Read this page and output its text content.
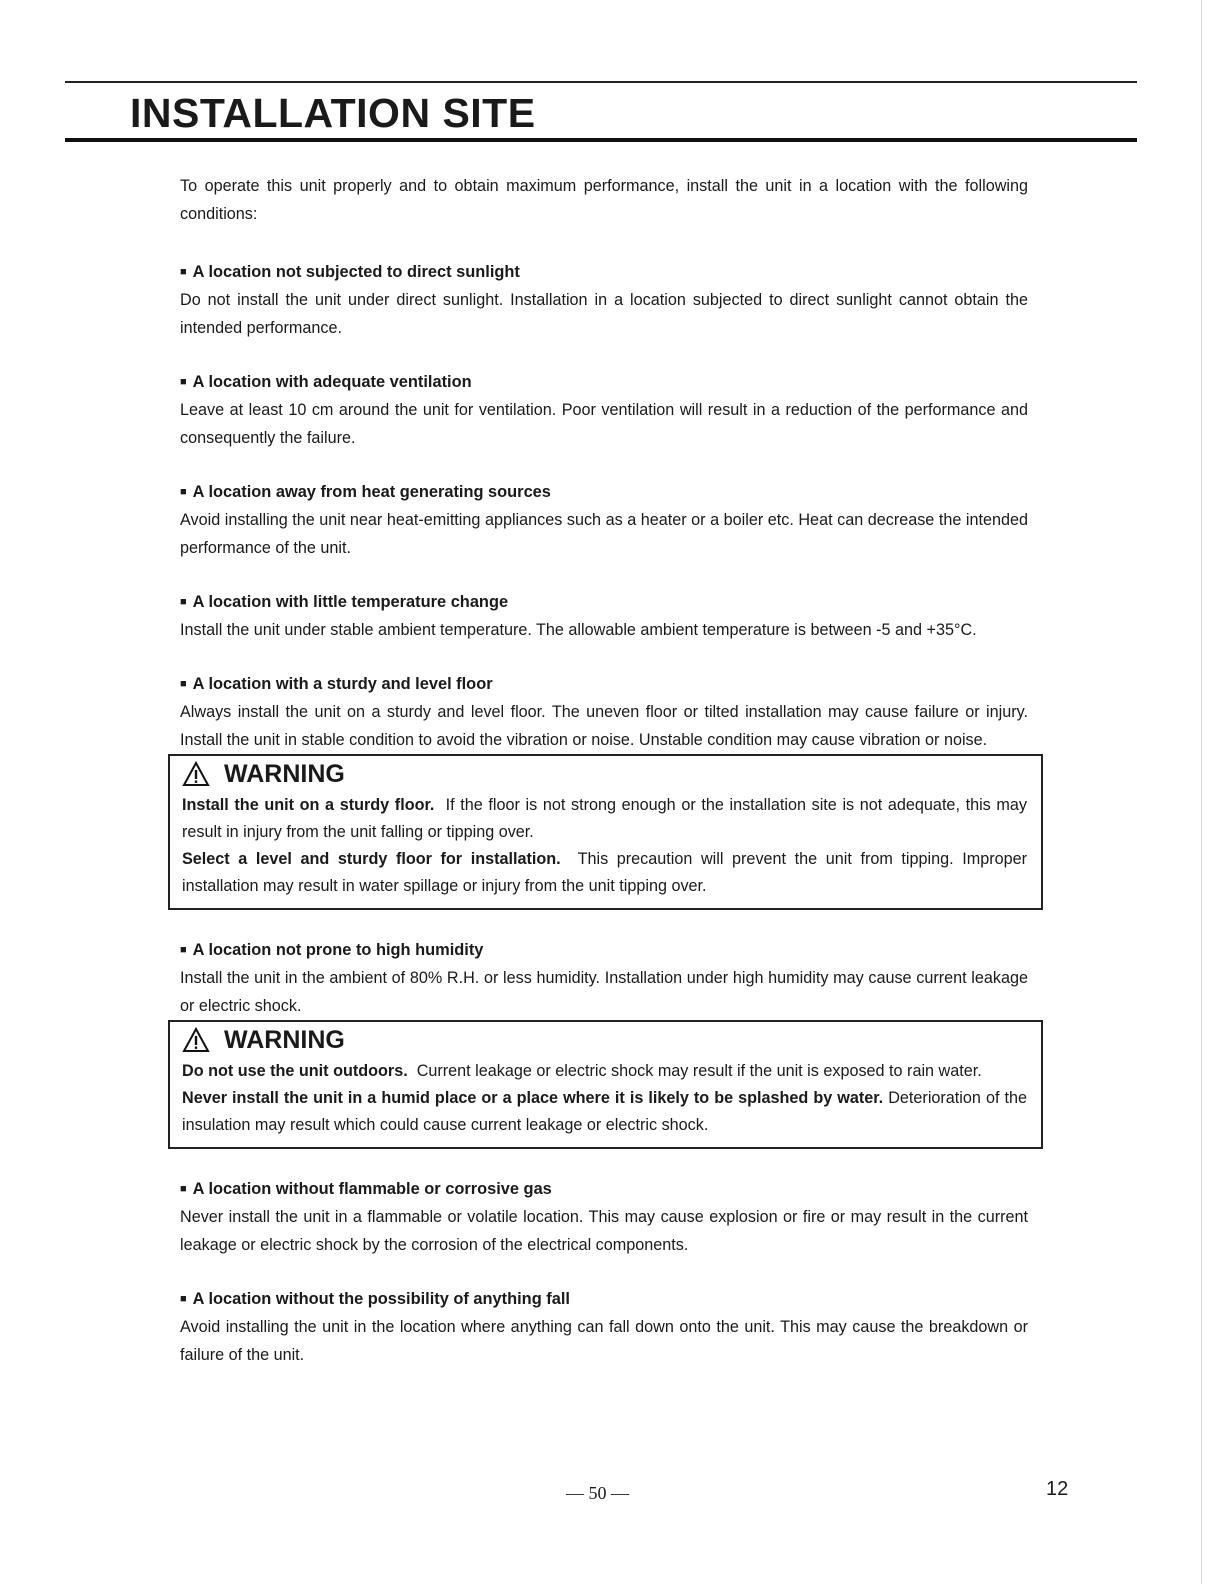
INSTALLATION SITE

To operate this unit properly and to obtain maximum performance, install the unit in a location with the following conditions:

■ A location not subjected to direct sunlight

Do not install the unit under direct sunlight. Installation in a location subjected to direct sunlight cannot obtain the intended performance.

■ A location with adequate ventilation

Leave at least 10 cm around the unit for ventilation. Poor ventilation will result in a reduction of the performance and consequently the failure.

■ A location away from heat generating sources

Avoid installing the unit near heat-emitting appliances such as a heater or a boiler etc. Heat can decrease the intended performance of the unit.

■ A location with little temperature change

Install the unit under stable ambient temperature. The allowable ambient temperature is between -5 and +35°C.

■ A location with a sturdy and level floor

Always install the unit on a sturdy and level floor. The uneven floor or tilted installation may cause failure or injury. Install the unit in stable condition to avoid the vibration or noise. Unstable condition may cause vibration or noise.

WARNING

Install the unit on a sturdy floor. If the floor is not strong enough or the installation site is not adequate, this may result in injury from the unit falling or tipping over.

Select a level and sturdy floor for installation. This precaution will prevent the unit from tipping. Improper installation may result in water spillage or injury from the unit tipping over.

■ A location not prone to high humidity

Install the unit in the ambient of 80% R.H. or less humidity. Installation under high humidity may cause current leakage or electric shock.

WARNING

Do not use the unit outdoors. Current leakage or electric shock may result if the unit is exposed to rain water.

Never install the unit in a humid place or a place where it is likely to be splashed by water. Deterioration of the insulation may result which could cause current leakage or electric shock.

■ A location without flammable or corrosive gas

Never install the unit in a flammable or volatile location. This may cause explosion or fire or may result in the current leakage or electric shock by the corrosion of the electrical components.

■ A location without the possibility of anything fall

Avoid installing the unit in the location where anything can fall down onto the unit. This may cause the breakdown or failure of the unit.

— 50 —	12
